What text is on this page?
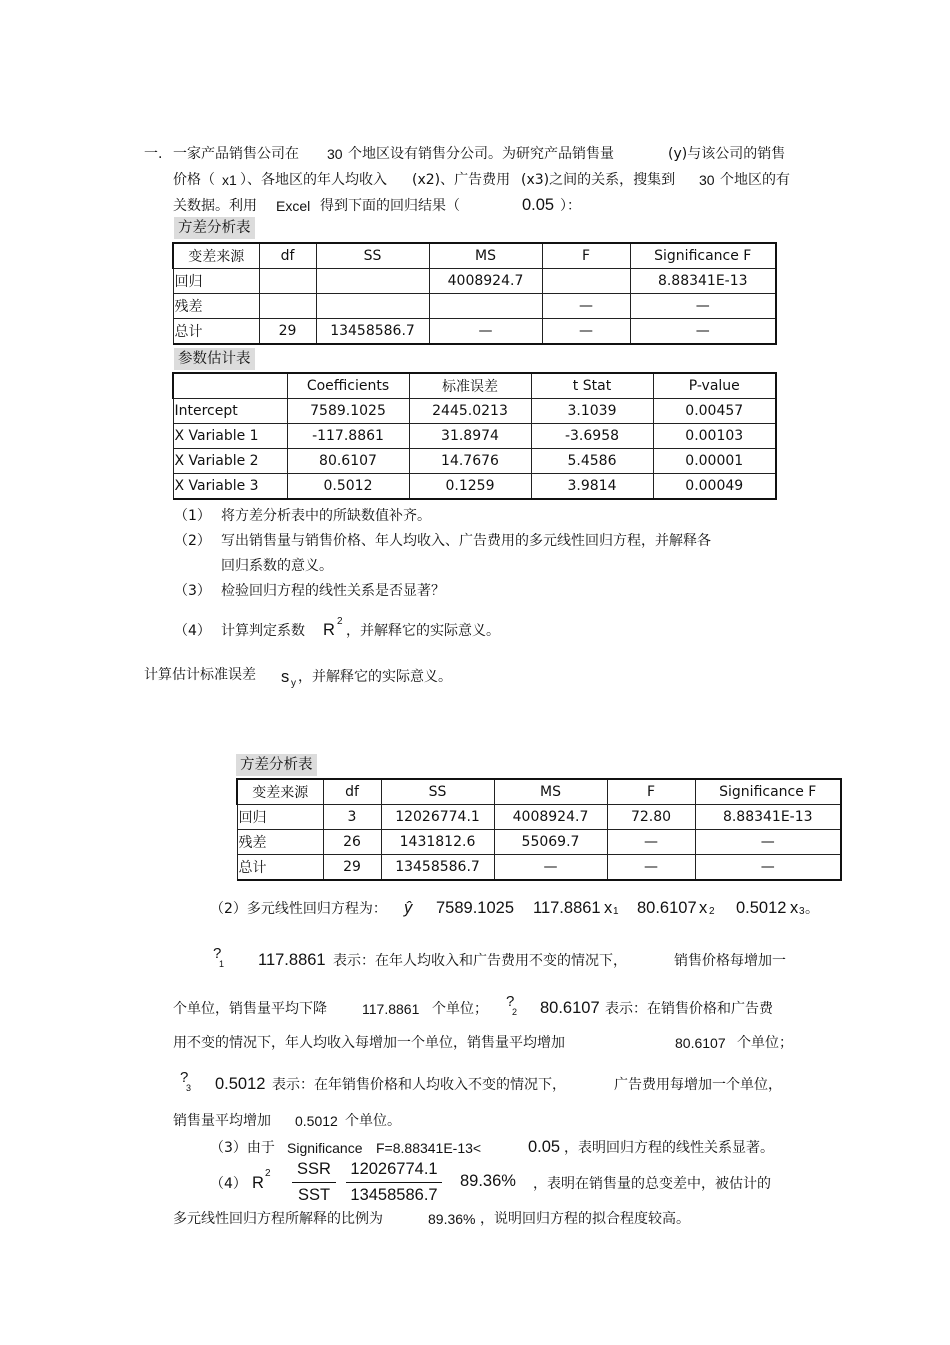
一. 一家产品销售公司在 30 个地区设有销售分公司。为研究产品销售量	(y)与该公司的销售
价格（ x1 ）、各地区的年人均收入 (x2)、广告费用 (x3)之间的关系，搜集到 30 个地区的有
关数据。利用 Excel 得到下面的回归结果（	0.05 ）：
方差分析表
变差来源	df	SS	MS	F	Significance F
回归			4008924.7		8.88341E-13
残差				—	—
总计	29	13458586.7	—	—	—
参数估计表
	Coefficients	标准误差	t Stat	P-value
Intercept	7589.1025	2445.0213	3.1039	0.00457
X Variable 1	-117.8861	31.8974	-3.6958	0.00103
X Variable 2	80.6107	14.7676	5.4586	0.00001
X Variable 3	0.5012	0.1259	3.9814	0.00049
（1） 将方差分析表中的所缺数值补齐。
（2） 写出销售量与销售价格、年人均收入、广告费用的多元线性回归方程，并解释各
回归系数的意义。
（3） 检验回归方程的线性关系是否显著？
（4） 计算判定系数 R 2
，并解释它的实际意义。
计算估计标准误差 s y ，并解释它的实际意义。
方差分析表
变差来源	df	SS	MS	F	Significance F
回归	3	12026774.1	4008924.7	72.80	8.88341E-13
残差	26	1431812.6	55069.7	—	—
总计	29	13458586.7	—	—	—
（2）多元线性回归方程为： ŷ 7589.1025 117.8861 x 1 80.6107 x 2 0.5012 x 3 。
?
1 117.8861 表示：在年人均收入和广告费用不变的情况下，	销售价格每增加一
个单位，销售量平均下降	117.8861 个单位； ?
2 80.6107 表示：在销售价格和广告费
用不变的情况下，年人均收入每增加一个单位，销售量平均增加	80.6107 个单位；
?
3 0.5012 表示：在年销售价格和人均收入不变的情况下，	广告费用每增加一个单位，
销售量平均增加 0.5012 个单位。
（3）由于 Significance F=8.88341E-13<	0.05 ，表明回归方程的线性关系显著。
（4） R
2	SSR
SST
12026774.1
13458586.7
89.36% ，表明在销售量的总变差中，被估计的
多元线性回归方程所解释的比例为	89.36% ，说明回归方程的拟合程度较高。
